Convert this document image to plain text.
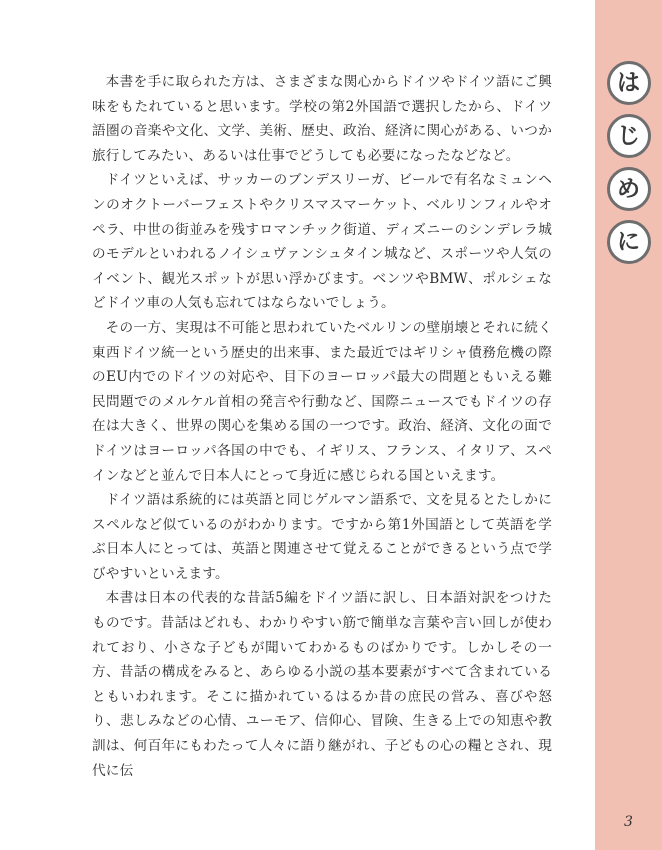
は
じ
め
に
3

本書を手に取られた方は、さまざまな関心からドイツやドイツ語にご興味をもたれていると思います。学校の第2外国語で選択したから、ドイツ語圏の音楽や文化、文学、美術、歴史、政治、経済に関心がある、いつか旅行してみたい、あるいは仕事でどうしても必要になったなどなど。

ドイツといえば、サッカーのブンデスリーガ、ビールで有名なミュンヘンのオクトーバーフェストやクリスマスマーケット、ベルリンフィルやオペラ、中世の街並みを残すロマンチック街道、ディズニーのシンデレラ城のモデルといわれるノイシュヴァンシュタイン城など、スポーツや人気のイベント、観光スポットが思い浮かびます。ベンツやBMW、ポルシェなどドイツ車の人気も忘れてはならないでしょう。

その一方、実現は不可能と思われていたベルリンの壁崩壊とそれに続く東西ドイツ統一という歴史的出来事、また最近ではギリシャ債務危機の際のEU内でのドイツの対応や、目下のヨーロッパ最大の問題ともいえる難民問題でのメルケル首相の発言や行動など、国際ニュースでもドイツの存在は大きく、世界の関心を集める国の一つです。政治、経済、文化の面でドイツはヨーロッパ各国の中でも、イギリス、フランス、イタリア、スペインなどと並んで日本人にとって身近に感じられる国といえます。

ドイツ語は系統的には英語と同じゲルマン語系で、文を見るとたしかにスペルなど似ているのがわかります。ですから第1外国語として英語を学ぶ日本人にとっては、英語と関連させて覚えることができるという点で学びやすいといえます。

本書は日本の代表的な昔話5編をドイツ語に訳し、日本語対訳をつけたものです。昔話はどれも、わかりやすい筋で簡単な言葉や言い回しが使われており、小さな子どもが聞いてわかるものばかりです。しかしその一方、昔話の構成をみると、あらゆる小説の基本要素がすべて含まれているともいわれます。そこに描かれているはるか昔の庶民の営み、喜びや怒り、悲しみなどの心情、ユーモア、信仰心、冒険、生きる上での知恵や教訓は、何百年にもわたって人々に語り継がれ、子どもの心の糧とされ、現代に伝
